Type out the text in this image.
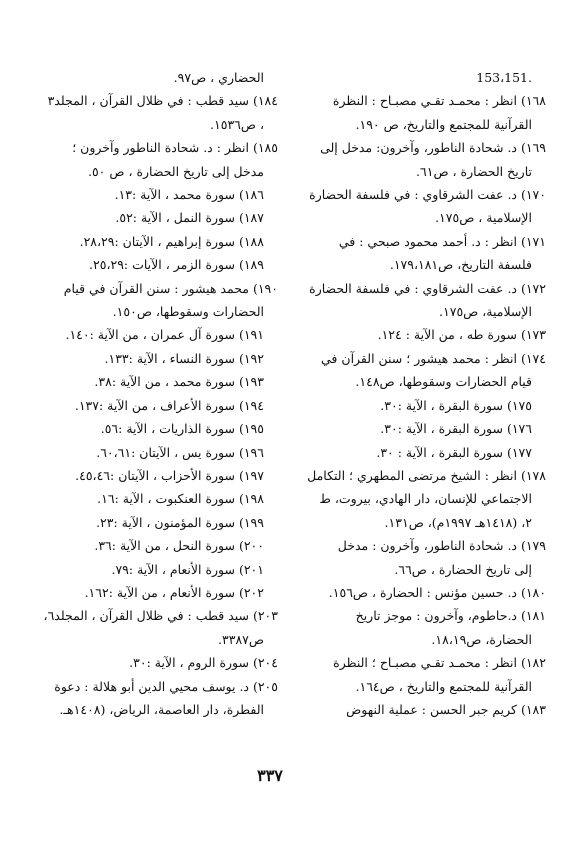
.153،151
١٦٨) انظر : محمـد تقـي مصبـاح : النظرة
القرآنية للمجتمع والتاريخ، ص ١٩٠.
١٦٩) د. شحادة الناطور، وآخرون: مدخل إلى
تاريخ الحضارة ، ص٦١.
١٧٠) د. عفت الشرقاوي : في فلسفة الحضارة
الإسلامية ، ص١٧٥.
١٧١) انظر : د. أحمد محمود صبحي : في
فلسفة التاريخ، ص١٧٩،١٨١.
١٧٢) د. عفت الشرقاوي : في فلسفة الحضارة
الإسلامية، ص١٧٥.
١٧٣) سورة طه ، من الآية : ١٢٤.
١٧٤) انظر : محمد هيشور ؛ سنن القرآن في
قيام الحضارات وسقوطها، ص١٤٨.
١٧٥) سورة البقرة ، الآية :٣٠.
١٧٦) سورة البقرة ، الآية :٣٠.
١٧٧) سورة البقرة ، الآية : ٣٠.
١٧٨) انظر : الشيخ مرتضى المطهري ؛ التكامل
الاجتماعي للإنسان، دار الهادي، بيروت، ط
٢، (١٤١٨هـ ١٩٩٧م)، ص١٣١.
١٧٩) د. شحادة الناطور، وآخرون : مدخل
إلى تاريخ الحضارة ، ص٦٦.
١٨٠) د. حسين مؤنس : الحضارة ، ص١٥٦.
١٨١) د.حاطوم، وآخرون : موجز تاريخ
الحضارة، ص١٨،١٩.
١٨٢) انظر : محمـد تقـي مصبـاح ؛ النظرة
القرآنية للمجتمع والتاريخ ، ص١٦٤.
١٨٣) كريم جبر الحسن : عملية النهوض
الحضاري ، ص٩٧.
١٨٤) سيد قطب : في ظلال القرآن ، المجلد٣
، ص١٥٣٦.
١٨٥) انظر : د. شحادة الناطور وآخرون ؛
مدخل إلى تاريخ الحضارة ، ص ٥٠.
١٨٦) سورة محمد ، الآية :١٣.
١٨٧) سورة النمل ، الآية :٥٢.
١٨٨) سورة إبراهيم ، الآيتان :٢٨،٢٩.
١٨٩) سورة الزمر ، الآيات :٢٥،٢٩.
١٩٠) محمد هيشور : سنن القرآن في قيام
الحضارات وسقوطها، ص١٥٠.
١٩١) سورة آل عمران ، من الآية :١٤٠.
١٩٢) سورة النساء ، الآية :١٣٣.
١٩٣) سورة محمد ، من الآية :٣٨.
١٩٤) سورة الأعراف ، من الآية :١٣٧.
١٩٥) سورة الذاريات ، الآية :٥٦.
١٩٦) سورة يس ، الآيتان :٦٠،٦١.
١٩٧) سورة الأحزاب ، الآيتان :٤٥،٤٦.
١٩٨) سورة العنكبوت ، الآية :١٦.
١٩٩) سورة المؤمنون ، الآية :٢٣.
٢٠٠) سورة النحل ، من الآية :٣٦.
٢٠١) سورة الأنعام ، الآية :٧٩.
٢٠٢) سورة الأنعام ، من الآية :١٦٢.
٢٠٣) سيد قطب : في ظلال القرآن ، المجلد٦،
ص٣٣٨٧.
٢٠٤) سورة الروم ، الآية :٣٠.
٢٠٥) د. يوسف محيي الدين أبو هلالة : دعوة
الفطرة، دار العاصمة، الرياض، (١٤٠٨هـ.
٣٣٧
